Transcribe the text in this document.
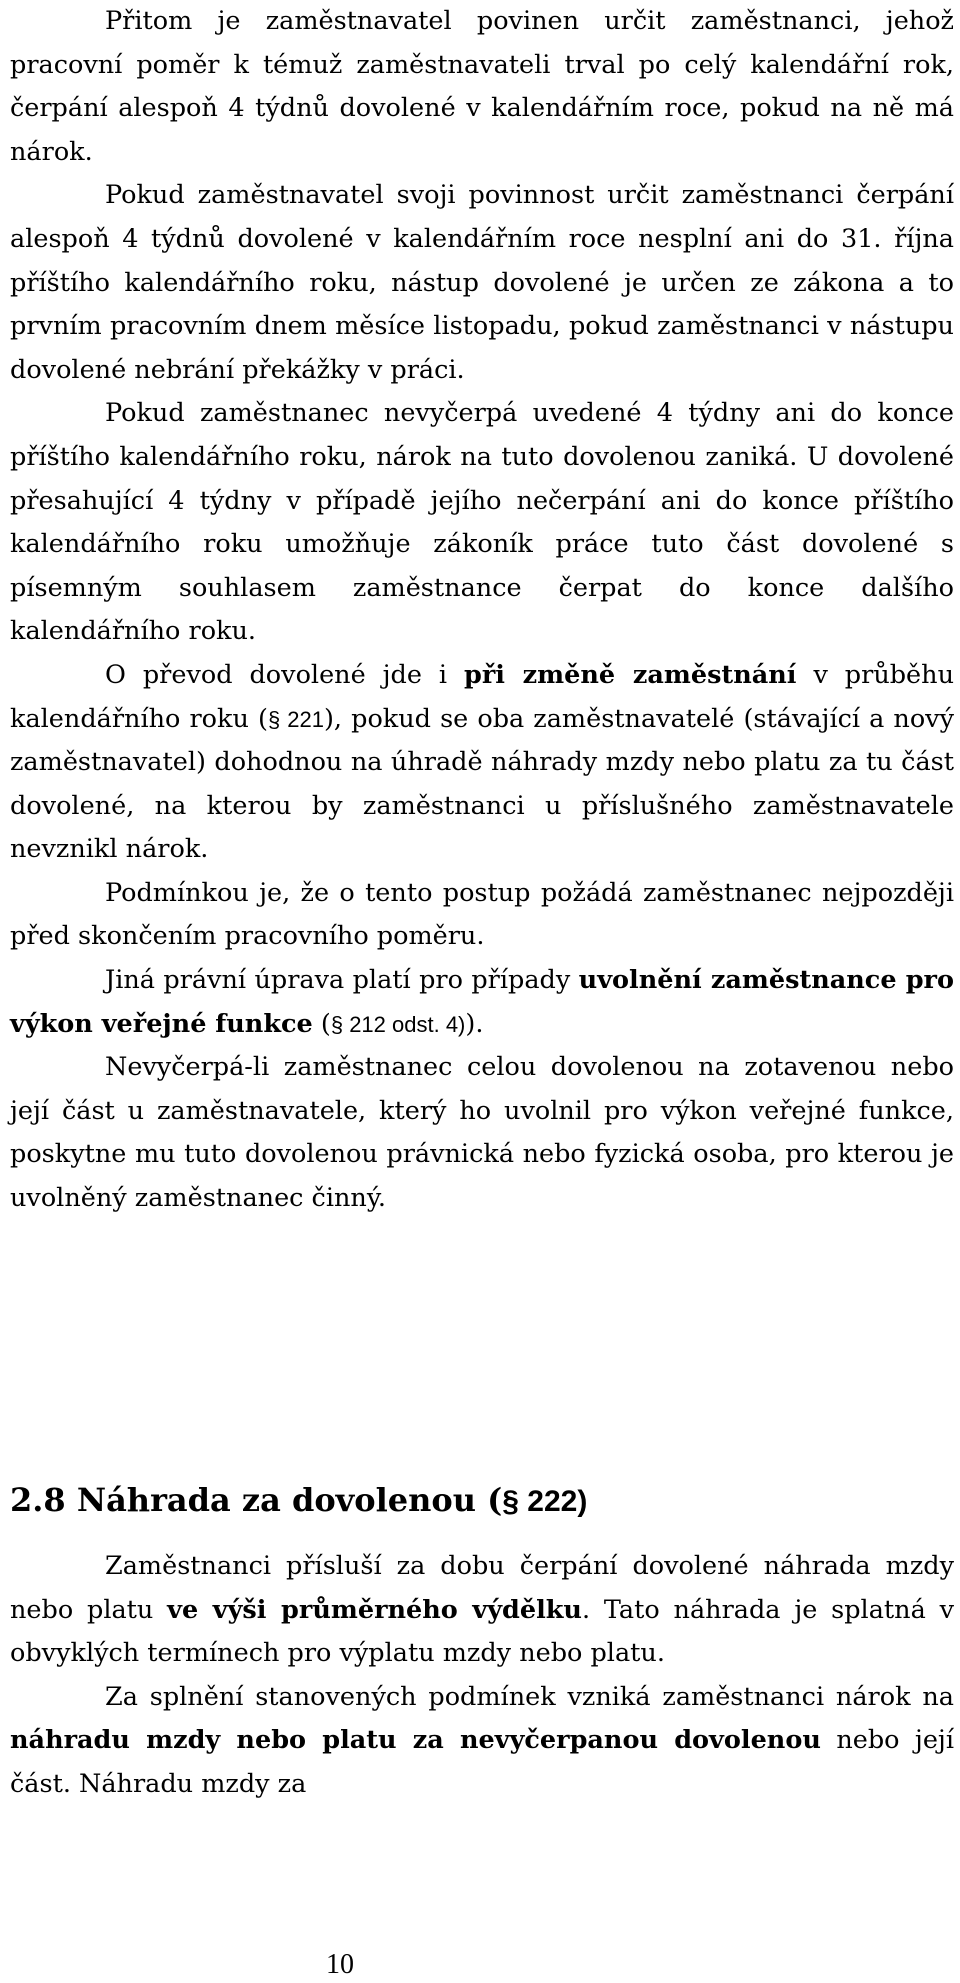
Přitom je zaměstnavatel povinen určit zaměstnanci, jehož pracovní poměr k témuž zaměstnavateli trval po celý kalendářní rok, čerpání alespoň 4 týdnů dovolené v kalendářním roce, pokud na ně má nárok.

Pokud zaměstnavatel svoji povinnost určit zaměstnanci čerpání alespoň 4 týdnů dovolené v kalendářním roce nesplní ani do 31. října příštího kalendářního roku, nástup dovolené je určen ze zákona a to prvním pracovním dnem měsíce listopadu, pokud zaměstnanci v nástupu dovolené nebrání překážky v práci.

Pokud zaměstnanec nevyčerpá uvedené 4 týdny ani do konce příštího kalendářního roku, nárok na tuto dovolenou zaniká. U dovolené přesahující 4 týdny v případě jejího nečerpání ani do konce příštího kalendářního roku umožňuje zákoník práce tuto část dovolené s písemným souhlasem zaměstnance čerpat do konce dalšího kalendářního roku.

O převod dovolené jde i při změně zaměstnání v průběhu kalendářního roku (§ 221), pokud se oba zaměstnavatelé (stávající a nový zaměstnavatel) dohodnou na úhradě náhrady mzdy nebo platu za tu část dovolené, na kterou by zaměstnanci u příslušného zaměstnavatele nevznikl nárok.

Podmínkou je, že o tento postup požádá zaměstnanec nejpozději před skončením pracovního poměru.

Jiná právní úprava platí pro případy uvolnění zaměstnance pro výkon veřejné funkce (§ 212 odst. 4)).

Nevyčerpá-li zaměstnanec celou dovolenou na zotavenou nebo její část u zaměstnavatele, který ho uvolnil pro výkon veřejné funkce, poskytne mu tuto dovolenou právnická nebo fyzická osoba, pro kterou je uvolněný zaměstnanec činný.

2.8 Náhrada za dovolenou (§ 222)

Zaměstnanci přísluší za dobu čerpání dovolené náhrada mzdy nebo platu ve výši průměrného výdělku. Tato náhrada je splatná v obvyklých termínech pro výplatu mzdy nebo platu.

Za splnění stanovených podmínek vzniká zaměstnanci nárok na náhradu mzdy nebo platu za nevyčerpanou dovolenou nebo její část. Náhradu mzdy za

10
